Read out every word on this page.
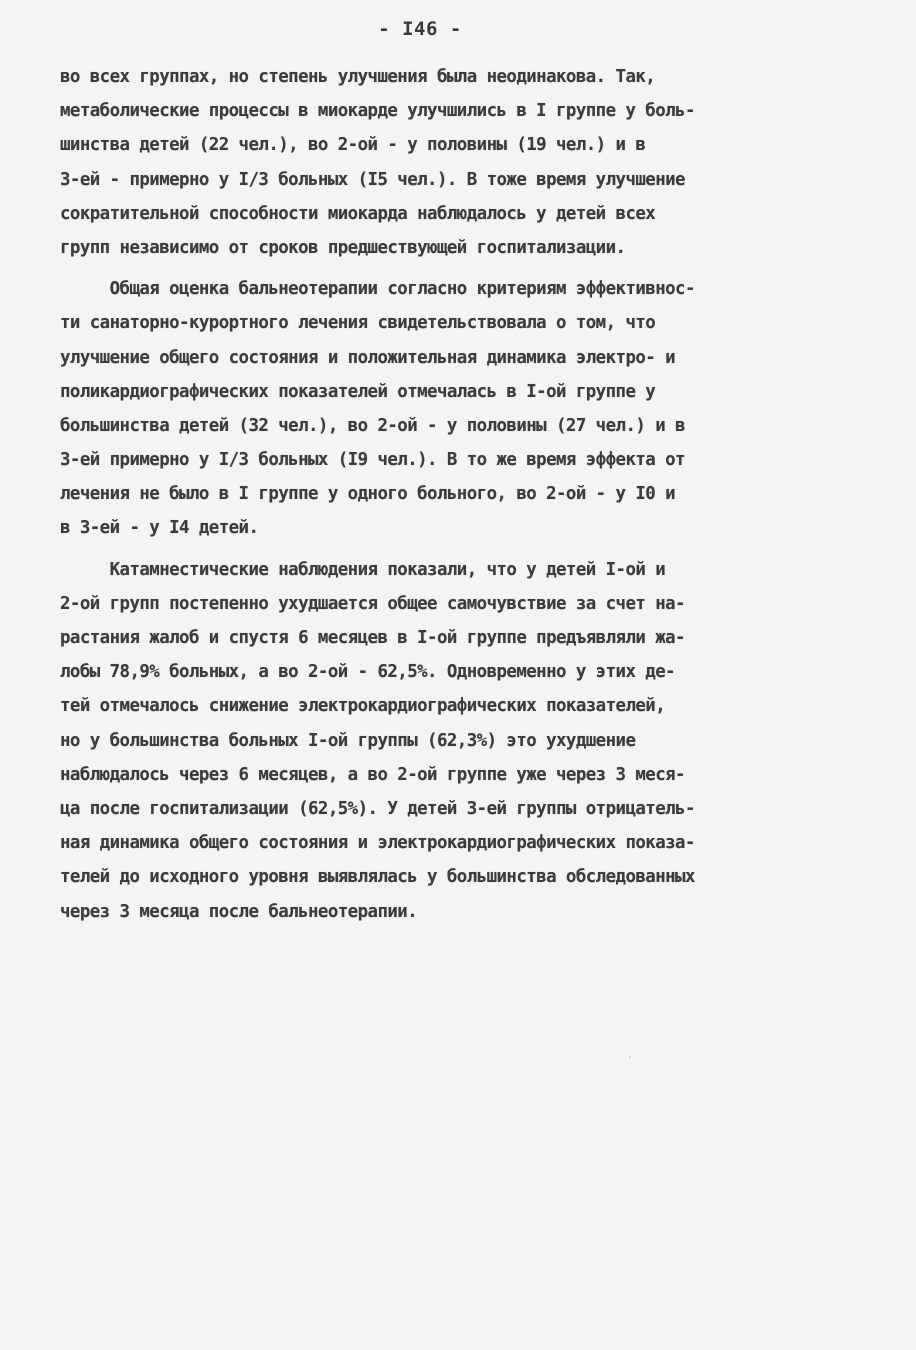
- I46 -
во всех группах, но степень улучшения была неодинакова. Так,
метаболические процессы в миокарде улучшились в I группе у боль-
шинства детей (22 чел.), во 2-ой - у половины (19 чел.) и в
3-ей - примерно у I/3 больных (I5 чел.). В тоже время улучшение
сократительной способности миокарда наблюдалось у детей всех
групп независимо от сроков предшествующей госпитализации.
Общая оценка бальнеотерапии согласно критериям эффективнос-
ти санаторно-курортного лечения свидетельствовала о том, что
улучшение общего состояния и положительная динамика электро- и
поликардиографических показателей отмечалась в I-ой группе у
большинства детей (32 чел.), во 2-ой - у половины (27 чел.) и в
3-ей примерно у I/3 больных (I9 чел.). В то же время эффекта от
лечения не было в I группе у одного больного, во 2-ой - у I0 и
в 3-ей - у I4 детей.
Катамнестические наблюдения показали, что у детей I-ой и
2-ой групп постепенно ухудшается общее самочувствие за счет на-
растания жалоб и спустя 6 месяцев в I-ой группе предъявляли жа-
лобы 78,9% больных, а во 2-ой - 62,5%. Одновременно у этих де-
тей отмечалось снижение электрокардиографических показателей,
но у большинства больных I-ой группы (62,3%) это ухудшение
наблюдалось через 6 месяцев, а во 2-ой группе уже через 3 меся-
ца после госпитализации (62,5%). У детей 3-ей группы отрицатель-
ная динамика общего состояния и электрокардиографических показа-
телей до исходного уровня выявлялась у большинства обследованных
через 3 месяца после бальнеотерапии.
